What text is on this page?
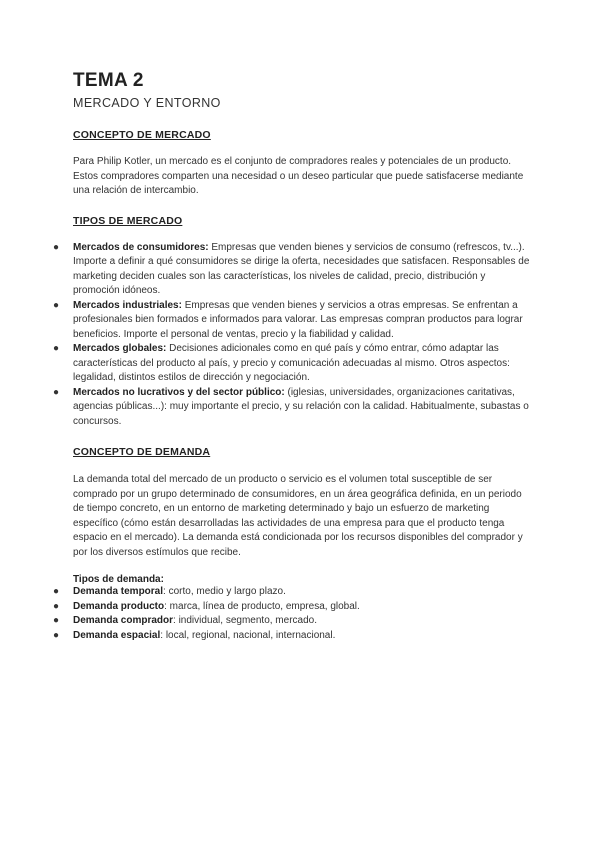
TEMA 2

MERCADO Y ENTORNO

CONCEPTO DE MERCADO

Para Philip Kotler, un mercado es el conjunto de compradores reales y potenciales de un producto. Estos compradores comparten una necesidad o un deseo particular que puede satisfacerse mediante una relación de intercambio.

TIPOS DE MERCADO
● Mercados de consumidores: Empresas que venden bienes y servicios de consumo (refrescos, tv...). Importe a definir a qué consumidores se dirige la oferta, necesidades que satisfacen. Responsables de marketing deciden cuales son las características, los niveles de calidad, precio, distribución y promoción idóneos.
● Mercados industriales: Empresas que venden bienes y servicios a otras empresas. Se enfrentan a profesionales bien formados e informados para valorar. Las empresas compran productos para lograr beneficios. Importe el personal de ventas, precio y la fiabilidad y calidad.
● Mercados globales: Decisiones adicionales como en qué país y cómo entrar, cómo adaptar las características del producto al país, y precio y comunicación adecuadas al mismo. Otros aspectos: legalidad, distintos estilos de dirección y negociación.
● Mercados no lucrativos y del sector público: (iglesias, universidades, organizaciones caritativas, agencias públicas...): muy importante el precio, y su relación con la calidad. Habitualmente, subastas o concursos.
CONCEPTO DE DEMANDA

La demanda total del mercado de un producto o servicio es el volumen total susceptible de ser comprado por un grupo determinado de consumidores, en un área geográfica definida, en un periodo de tiempo concreto, en un entorno de marketing determinado y bajo un esfuerzo de marketing específico (cómo están desarrolladas las actividades de una empresa para que el producto tenga espacio en el mercado). La demanda está condicionada por los recursos disponibles del comprador y por los diversos estímulos que recibe.

Tipos de demanda:

● Demanda temporal: corto, medio y largo plazo.
● Demanda producto: marca, línea de producto, empresa, global.
● Demanda comprador: individual, segmento, mercado.
● Demanda espacial: local, regional, nacional, internacional.
